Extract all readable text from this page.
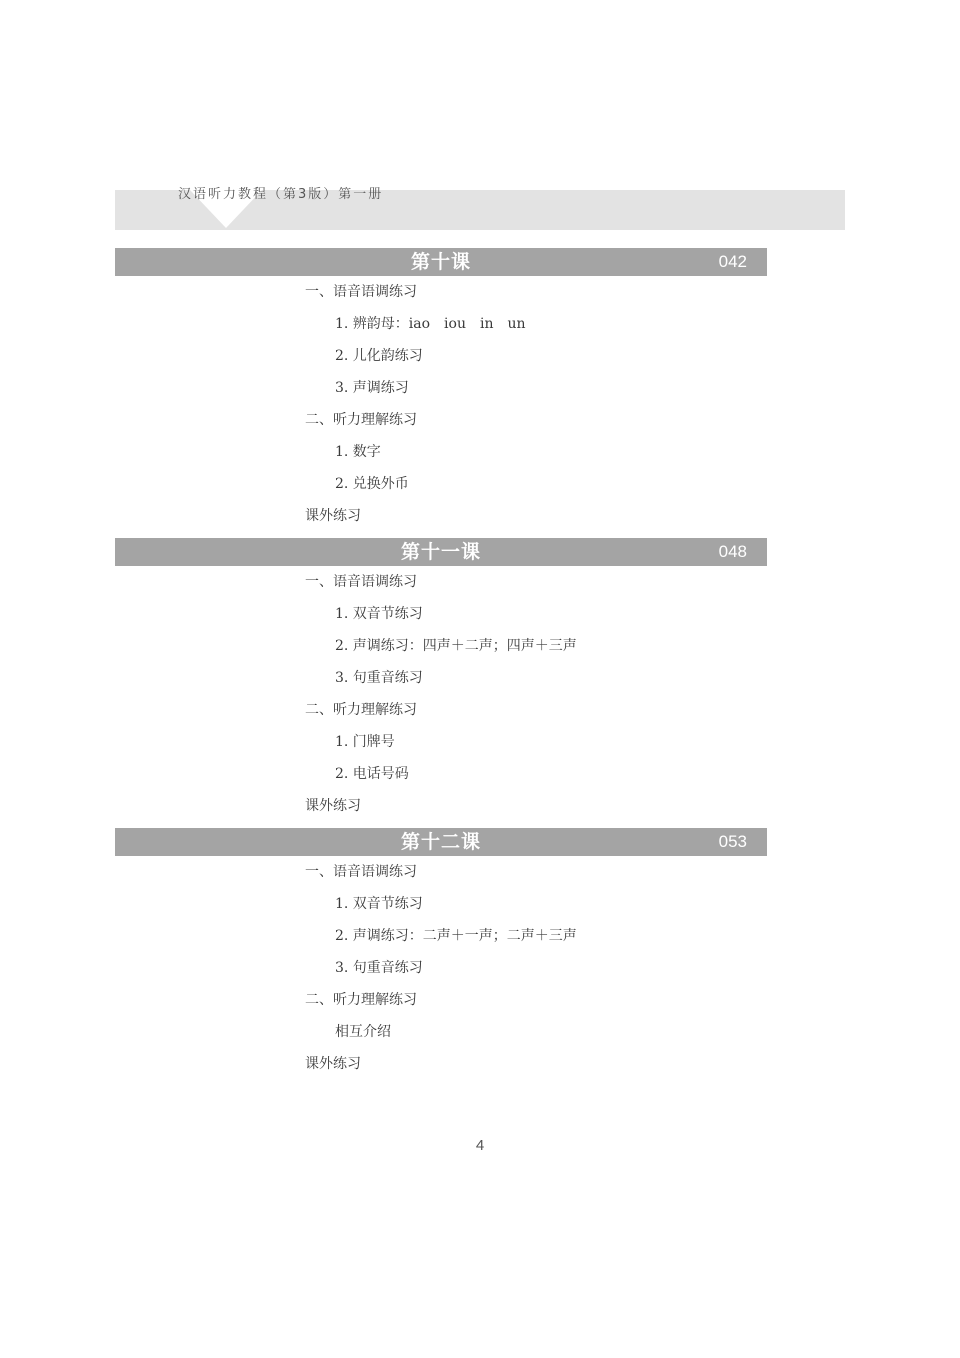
汉语听力教程（第3版）第一册
第十课	042
一、语音语调练习
1. 辨韵母：iao　iou　in　un
2. 儿化韵练习
3. 声调练习
二、听力理解练习
1. 数字
2. 兑换外币
课外练习
第十一课	048
一、语音语调练习
1. 双音节练习
2. 声调练习：四声＋二声；四声＋三声
3. 句重音练习
二、听力理解练习
1. 门牌号
2. 电话号码
课外练习
第十二课	053
一、语音语调练习
1. 双音节练习
2. 声调练习：二声＋一声；二声＋三声
3. 句重音练习
二、听力理解练习
相互介绍
课外练习
4
